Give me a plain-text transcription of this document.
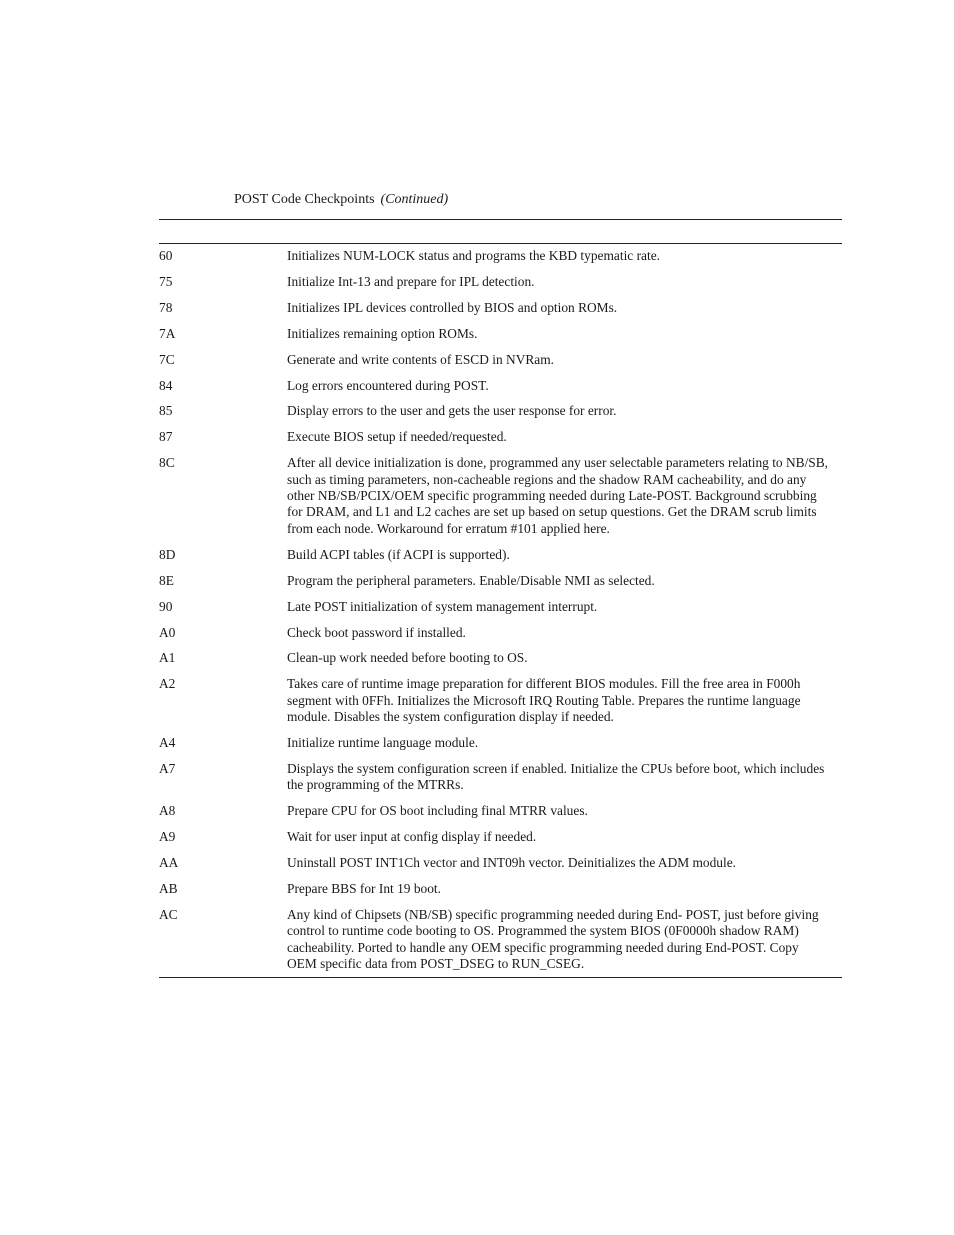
POST Code Checkpoints (Continued)
60	Initializes NUM-LOCK status and programs the KBD typematic rate.
75	Initialize Int-13 and prepare for IPL detection.
78	Initializes IPL devices controlled by BIOS and option ROMs.
7A	Initializes remaining option ROMs.
7C	Generate and write contents of ESCD in NVRam.
84	Log errors encountered during POST.
85	Display errors to the user and gets the user response for error.
87	Execute BIOS setup if needed/requested.
8C	After all device initialization is done, programmed any user selectable parameters relating to NB/SB, such as timing parameters, non-cacheable regions and the shadow RAM cacheability, and do any other NB/SB/PCIX/OEM specific programming needed during Late-POST. Background scrubbing for DRAM, and L1 and L2 caches are set up based on setup questions. Get the DRAM scrub limits from each node. Workaround for erratum #101 applied here.
8D	Build ACPI tables (if ACPI is supported).
8E	Program the peripheral parameters. Enable/Disable NMI as selected.
90	Late POST initialization of system management interrupt.
A0	Check boot password if installed.
A1	Clean-up work needed before booting to OS.
A2	Takes care of runtime image preparation for different BIOS modules. Fill the free area in F000h segment with 0FFh. Initializes the Microsoft IRQ Routing Table. Prepares the runtime language module. Disables the system configuration display if needed.
A4	Initialize runtime language module.
A7	Displays the system configuration screen if enabled. Initialize the CPUs before boot, which includes the programming of the MTRRs.
A8	Prepare CPU for OS boot including final MTRR values.
A9	Wait for user input at config display if needed.
AA	Uninstall POST INT1Ch vector and INT09h vector. Deinitializes the ADM module.
AB	Prepare BBS for Int 19 boot.
AC	Any kind of Chipsets (NB/SB) specific programming needed during End- POST, just before giving control to runtime code booting to OS. Programmed the system BIOS (0F0000h shadow RAM) cacheability. Ported to handle any OEM specific programming needed during End-POST. Copy OEM specific data from POST_DSEG to RUN_CSEG.
